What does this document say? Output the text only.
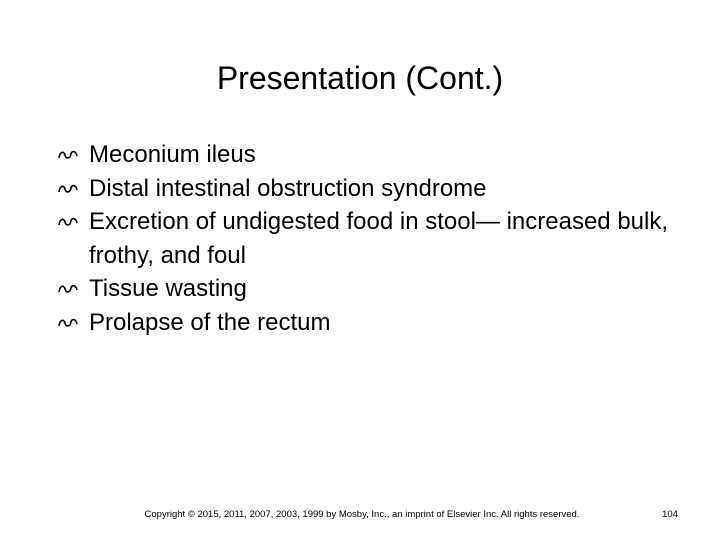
Presentation (Cont.)
Meconium ileus
Distal intestinal obstruction syndrome
Excretion of undigested food in stool— increased bulk, frothy, and foul
Tissue wasting
Prolapse of the rectum
Copyright © 2015, 2011, 2007, 2003, 1999 by Mosby, Inc., an imprint of Elsevier Inc. All rights reserved.	104
